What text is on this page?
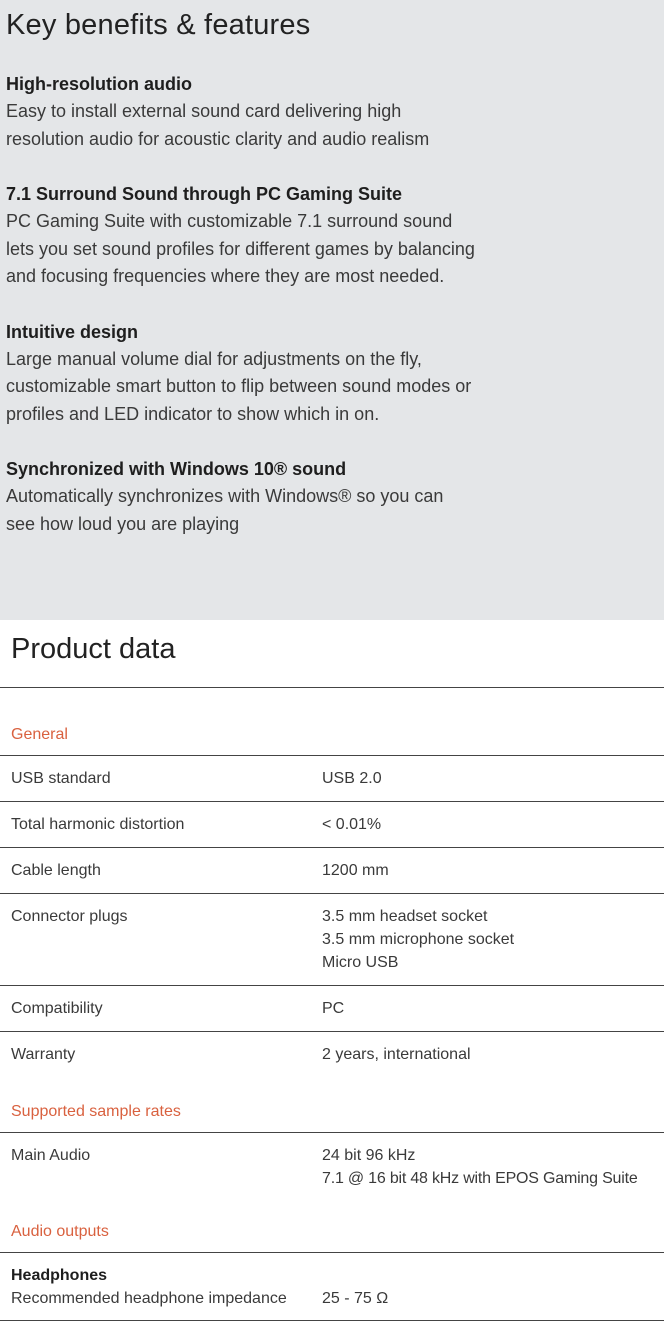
Key benefits & features
High-resolution audio

Easy to install external sound card delivering high resolution audio for acoustic clarity and audio realism

7.1 Surround Sound through PC Gaming Suite

PC Gaming Suite with customizable 7.1 surround sound lets you set sound profiles for different games by balancing and focusing frequencies where they are most needed.

Intuitive design

Large manual volume dial for adjustments on the fly, customizable smart button to flip between sound modes or profiles and LED indicator to show which in on.

Synchronized with Windows 10® sound

Automatically synchronizes with Windows® so you can see how loud you are playing

Product data
General
USB standard	USB 2.0
Total harmonic distortion	< 0.01%
Cable length	1200 mm
Connector plugs	3.5 mm headset socket
3.5 mm microphone socket
Micro USB
Compatibility	PC
Warranty	2 years, international
Supported sample rates
Main Audio	24 bit 96 kHz
7.1 @ 16 bit 48 kHz with EPOS Gaming Suite
Audio outputs
Headphones
Recommended headphone impedance	25 - 75 Ω
